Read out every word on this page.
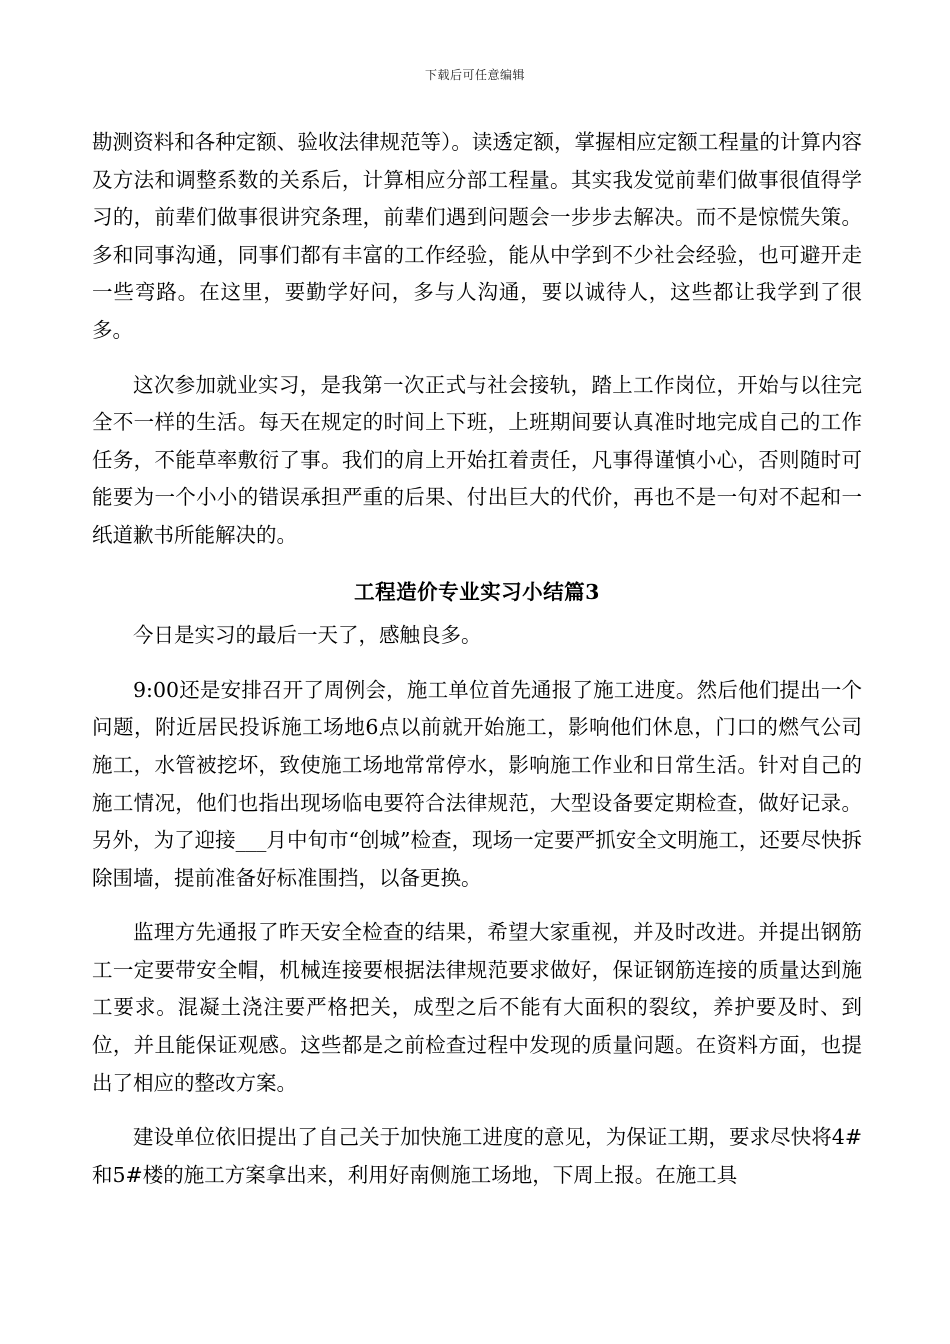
下载后可任意编辑

勘测资料和各种定额、验收法律规范等）。读透定额，掌握相应定额工程量的计算内容及方法和调整系数的关系后，计算相应分部工程量。其实我发觉前辈们做事很值得学习的，前辈们做事很讲究条理，前辈们遇到问题会一步步去解决。而不是惊慌失策。多和同事沟通，同事们都有丰富的工作经验，能从中学到不少社会经验，也可避开走一些弯路。在这里，要勤学好问，多与人沟通，要以诚待人，这些都让我学到了很多。

这次参加就业实习，是我第一次正式与社会接轨，踏上工作岗位，开始与以往完全不一样的生活。每天在规定的时间上下班，上班期间要认真准时地完成自己的工作任务，不能草率敷衍了事。我们的肩上开始扛着责任，凡事得谨慎小心，否则随时可能要为一个小小的错误承担严重的后果、付出巨大的代价，再也不是一句对不起和一纸道歉书所能解决的。

工程造价专业实习小结篇3

今日是实习的最后一天了，感触良多。

9:00还是安排召开了周例会，施工单位首先通报了施工进度。然后他们提出一个问题，附近居民投诉施工场地6点以前就开始施工，影响他们休息，门口的燃气公司施工，水管被挖坏，致使施工场地常常停水，影响施工作业和日常生活。针对自己的施工情况，他们也指出现场临电要符合法律规范，大型设备要定期检查，做好记录。另外，为了迎接___月中旬市“创城”检查，现场一定要严抓安全文明施工，还要尽快拆除围墙，提前准备好标准围挡，以备更换。

监理方先通报了昨天安全检查的结果，希望大家重视，并及时改进。并提出钢筋工一定要带安全帽，机械连接要根据法律规范要求做好，保证钢筋连接的质量达到施工要求。混凝土浇注要严格把关，成型之后不能有大面积的裂纹，养护要及时、到位，并且能保证观感。这些都是之前检查过程中发现的质量问题。在资料方面，也提出了相应的整改方案。

建设单位依旧提出了自己关于加快施工进度的意见，为保证工期，要求尽快将4#和5#楼的施工方案拿出来，利用好南侧施工场地，下周上报。在施工具
